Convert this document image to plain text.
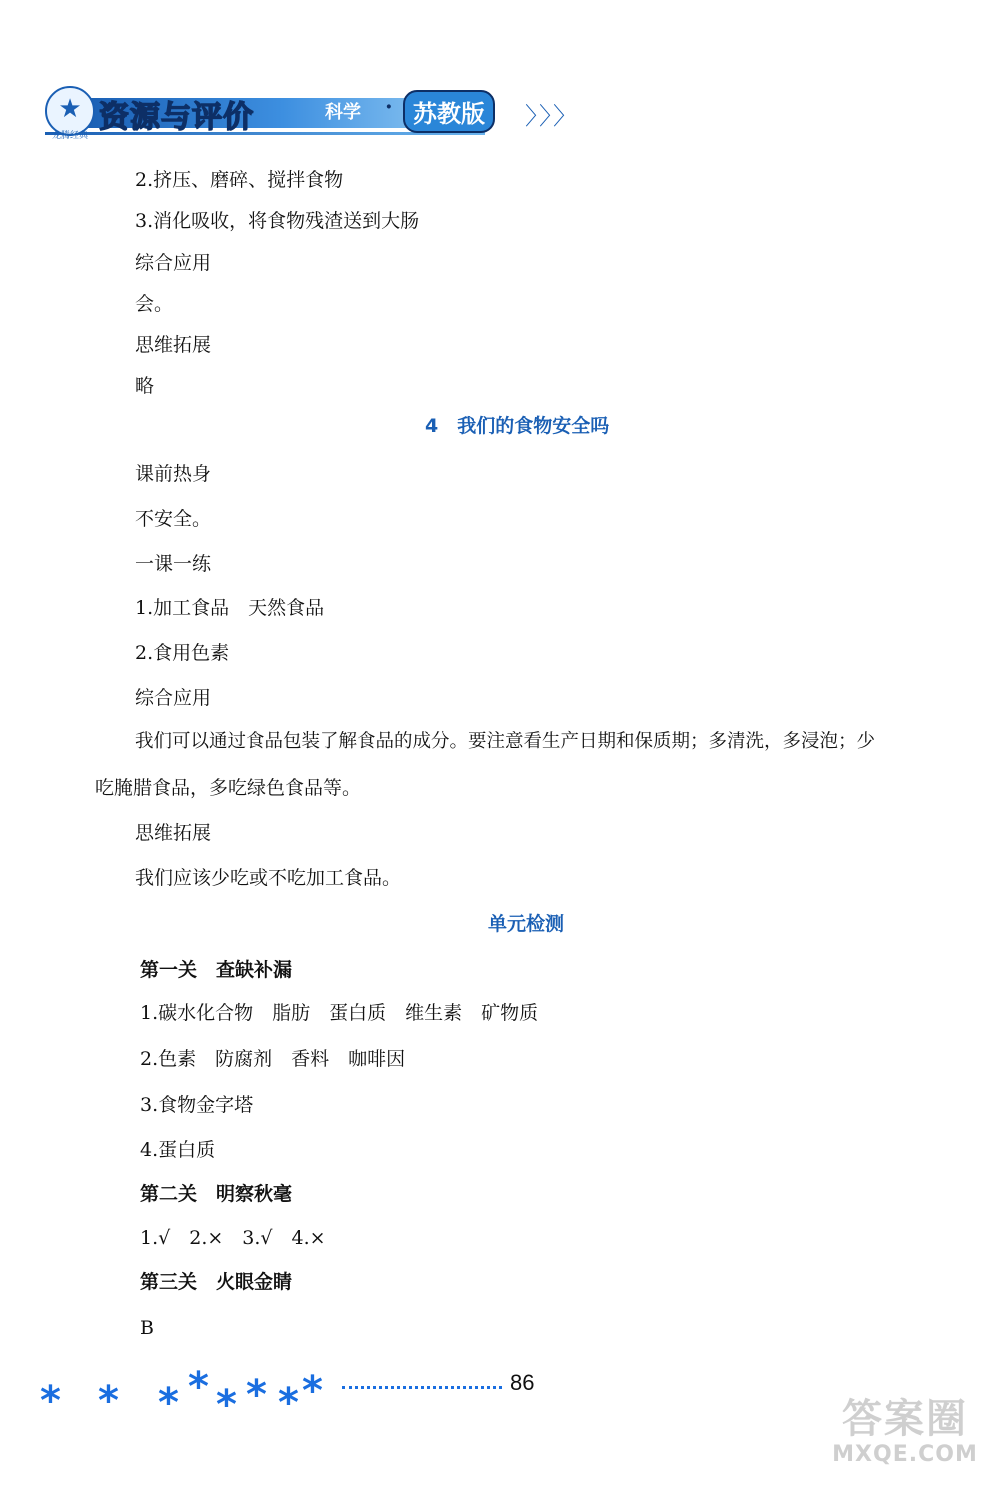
★
龙腾经典
资源与评价	科学 · 苏教版	〉〉〉
2.挤压、磨碎、搅拌食物
3.消化吸收，将食物残渣送到大肠
综合应用
会。
思维拓展
略
4　我们的食物安全吗
课前热身
不安全。
一课一练
1.加工食品　天然食品
2.食用色素
综合应用
我们可以通过食品包装了解食品的成分。要注意看生产日期和保质期；多清洗，多浸泡；少
吃腌腊食品，多吃绿色食品等。
思维拓展
我们应该少吃或不吃加工食品。
单元检测
第一关　查缺补漏
1.碳水化合物　脂肪　蛋白质　维生素　矿物质
2.色素　防腐剂　香料　咖啡因
3.食物金字塔
4.蛋白质
第二关　明察秋毫
1.√　2.×　3.√　4.×
第三关　火眼金睛
B
* * * * * * * *	86
答案圈
MXQE.COM
